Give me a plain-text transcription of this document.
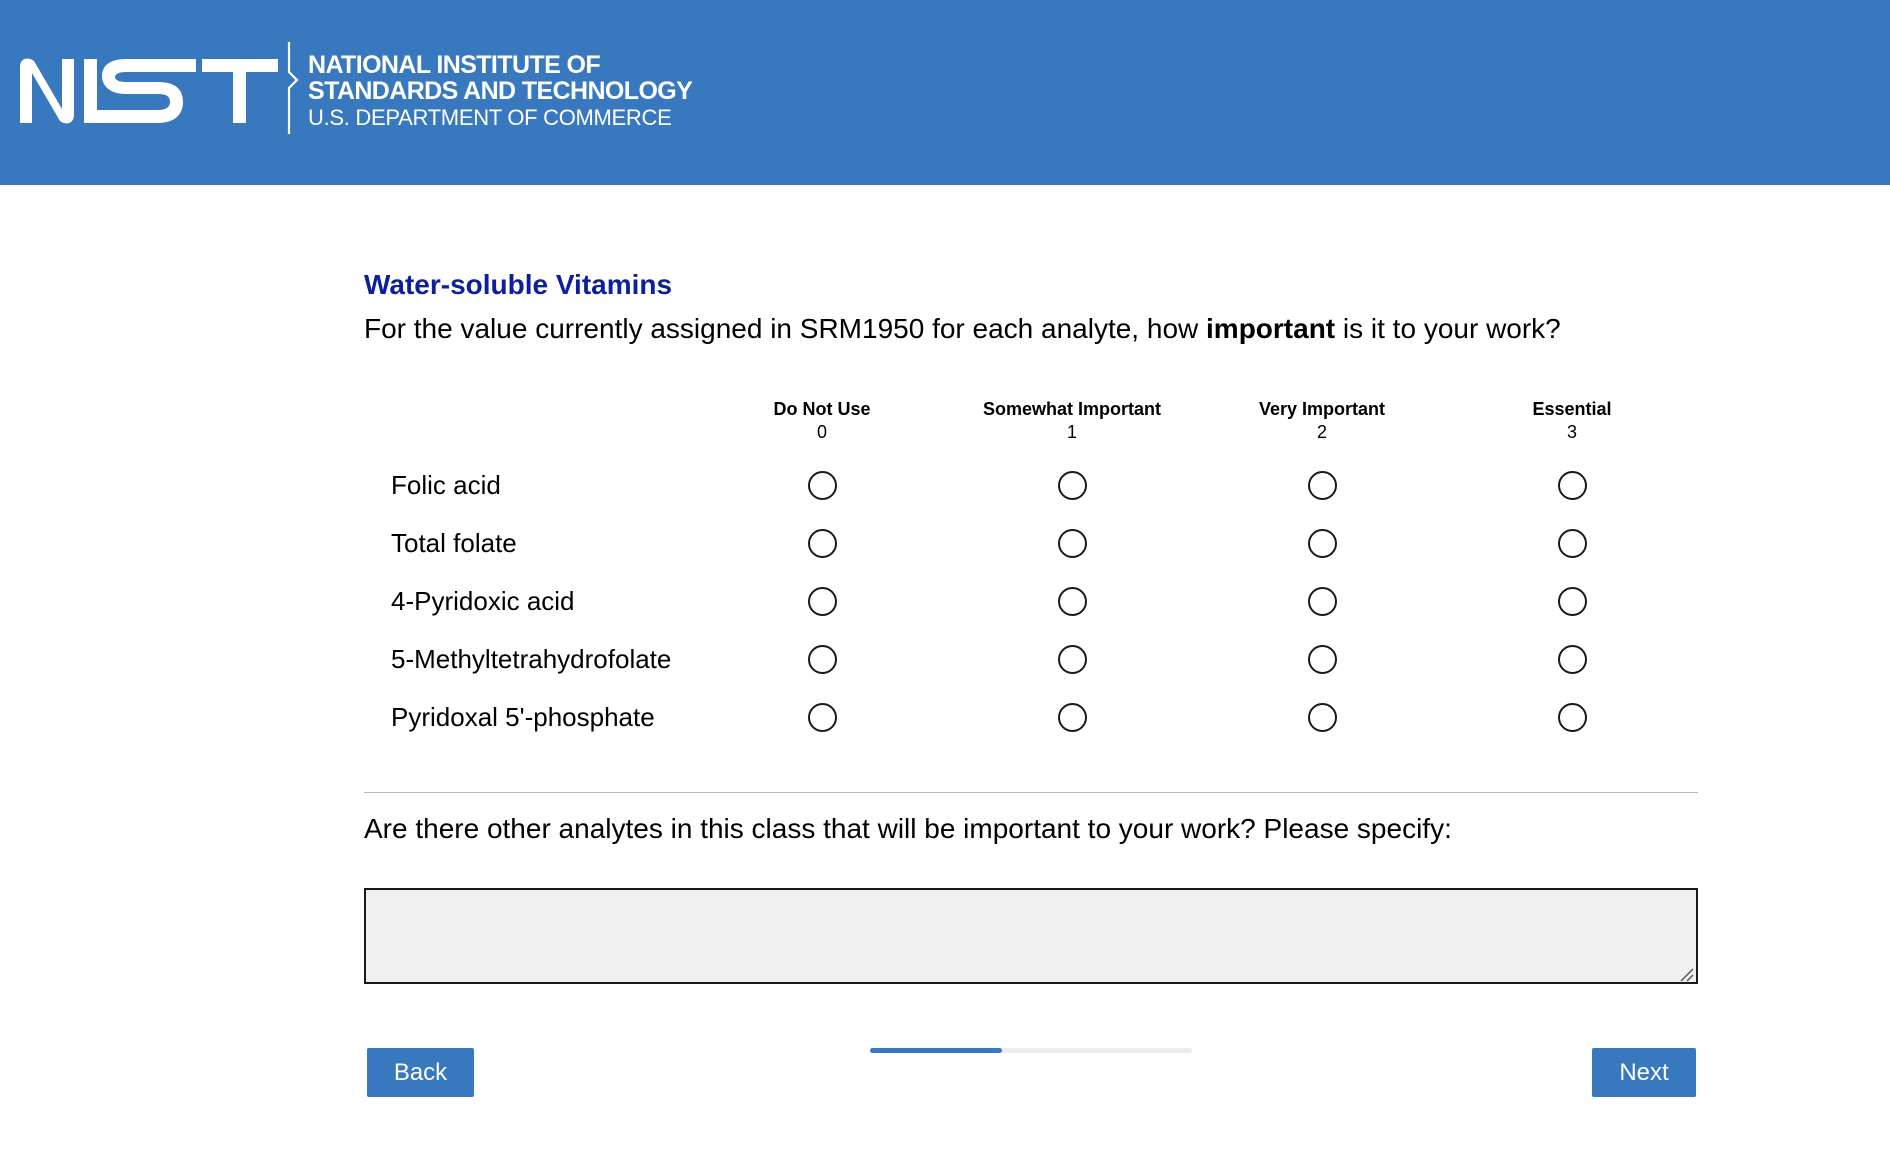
NATIONAL INSTITUTE OF
STANDARDS AND TECHNOLOGY
U.S. DEPARTMENT OF COMMERCE
Water-soluble Vitamins
For the value currently assigned in SRM1950 for each analyte, how important is it to your work?
Do Not Use
0
Somewhat Important
1
Very Important
2
Essential
3
Folic acid
Total folate
4-Pyridoxic acid
5-Methyltetrahydrofolate
Pyridoxal 5'-phosphate
Are there other analytes in this class that will be important to your work? Please specify:
Back	Next
